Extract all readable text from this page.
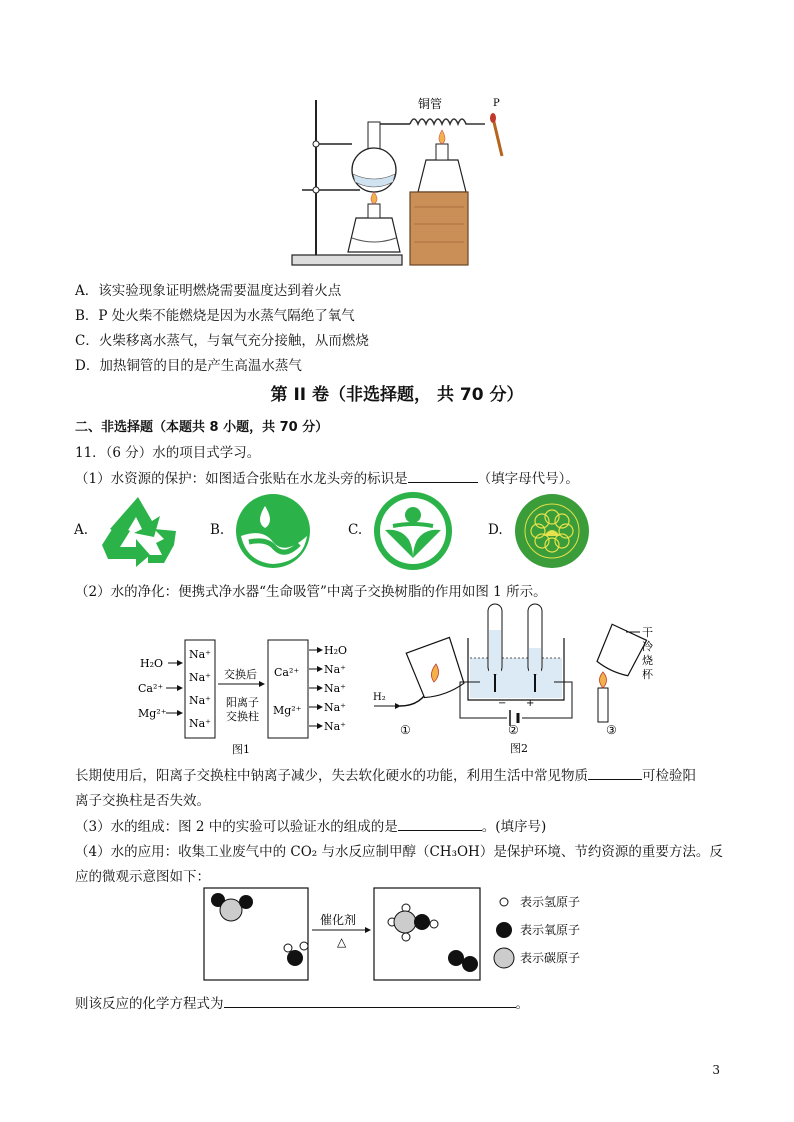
铜管	P
A．该实验现象证明燃烧需要温度达到着火点
B．P 处火柴不能燃烧是因为水蒸气隔绝了氧气
C．火柴移离水蒸气，与氧气充分接触，从而燃烧
D．加热铜管的目的是产生高温水蒸气
第 II 卷（非选择题， 共 70 分）
二、非选择题（本题共 8 小题，共 70 分）
11．（6 分）水的项目式学习。
（1）水资源的保护：如图适合张贴在水龙头旁的标识是	（填字母代号）。
A.	B.	C.	D.
（2）水的净化：便携式净水器“生命吸管”中离子交换树脂的作用如图 1 所示。
H₂O
Ca²⁺
Mg²⁺
Na⁺
Na⁺
Na⁺
Na⁺
交换后
阳离子
交换柱
Ca²⁺
Mg²⁺
H₂O
Na⁺
Na⁺
Na⁺
Na⁺
图1
H₂
①
− +
②
干
冷
烧
杯
③
图2
长期使用后，阳离子交换柱中钠离子减少，失去软化硬水的功能，利用生活中常见物质	可检验阳
离子交换柱是否失效。
（3）水的组成：图 2 中的实验可以验证水的组成的是	。(填序号)
（4）水的应用：收集工业废气中的 CO₂ 与水反应制甲醇（CH₃OH）是保护环境、节约资源的重要方法。反
应的微观示意图如下：
催化剂
△
表示氢原子
表示氧原子
表示碳原子
则该反应的化学方程式为	。
3
